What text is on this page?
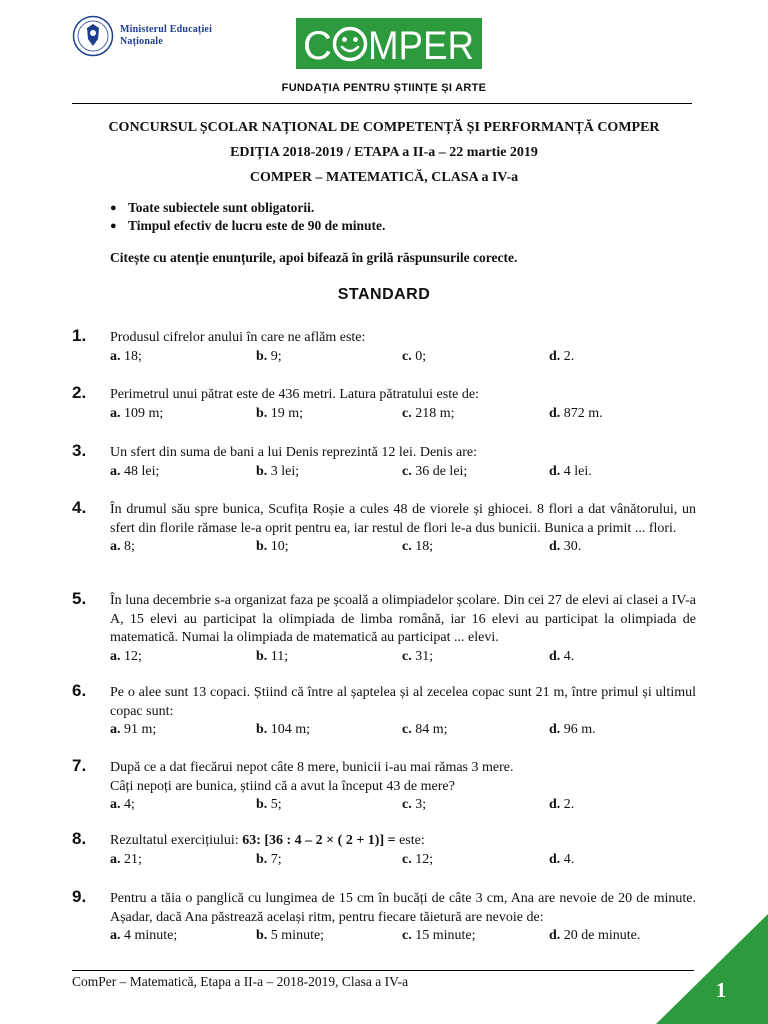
Ministerul Educației
Naționale	C MPER
FUNDAȚIA PENTRU ȘTIINȚE ȘI ARTE
CONCURSUL ȘCOLAR NAȚIONAL DE COMPETENȚĂ ȘI PERFORMANȚĂ COMPER
EDIȚIA 2018-2019 / ETAPA a II-a – 22 martie 2019
COMPER – MATEMATICĂ, CLASA a IV-a
● Toate subiectele sunt obligatorii.
● Timpul efectiv de lucru este de 90 de minute.
Citește cu atenție enunțurile, apoi bifează în grilă răspunsurile corecte.
STANDARD
1. Produsul cifrelor anului în care ne aflăm este:
a. 18;	b. 9;	c. 0;	d. 2.
2. Perimetrul unui pătrat este de 436 metri. Latura pătratului este de:
a. 109 m;	b. 19 m;	c. 218 m;	d. 872 m.
3. Un sfert din suma de bani a lui Denis reprezintă 12 lei. Denis are:
a. 48 lei;	b. 3 lei;	c. 36 de lei;	d. 4 lei.
4. În drumul său spre bunica, Scufița Roșie a cules 48 de viorele și ghiocei. 8 flori a dat vânătorului, un sfert din florile rămase le-a oprit pentru ea, iar restul de flori le-a dus bunicii. Bunica a primit ... flori.
a. 8;	b. 10;	c. 18;	d. 30.
5. În luna decembrie s-a organizat faza pe școală a olimpiadelor școlare. Din cei 27 de elevi ai clasei a IV-a A, 15 elevi au participat la olimpiada de limba română, iar 16 elevi au participat la olimpiada de matematică. Numai la olimpiada de matematică au participat ... elevi.
a. 12;	b. 11;	c. 31;	d. 4.
6. Pe o alee sunt 13 copaci. Știind că între al șaptelea și al zecelea copac sunt 21 m, între primul și ultimul copac sunt:
a. 91 m;	b. 104 m;	c. 84 m;	d. 96 m.
7. După ce a dat fiecărui nepot câte 8 mere, bunicii i-au mai rămas 3 mere.
Câți nepoți are bunica, știind că a avut la început 43 de mere?
a. 4;	b. 5;	c. 3;	d. 2.
8. Rezultatul exercițiului: 63: [36 : 4 – 2 × ( 2 + 1)] = este:
a. 21;	b. 7;	c. 12;	d. 4.
9. Pentru a tăia o panglică cu lungimea de 15 cm în bucăți de câte 3 cm, Ana are nevoie de 20 de minute. Așadar, dacă Ana păstrează același ritm, pentru fiecare tăietură are nevoie de:
a. 4 minute;	b. 5 minute;	c. 15 minute;	d. 20 de minute.
ComPer – Matematică, Etapa a II-a – 2018-2019, Clasa a IV-a	1
